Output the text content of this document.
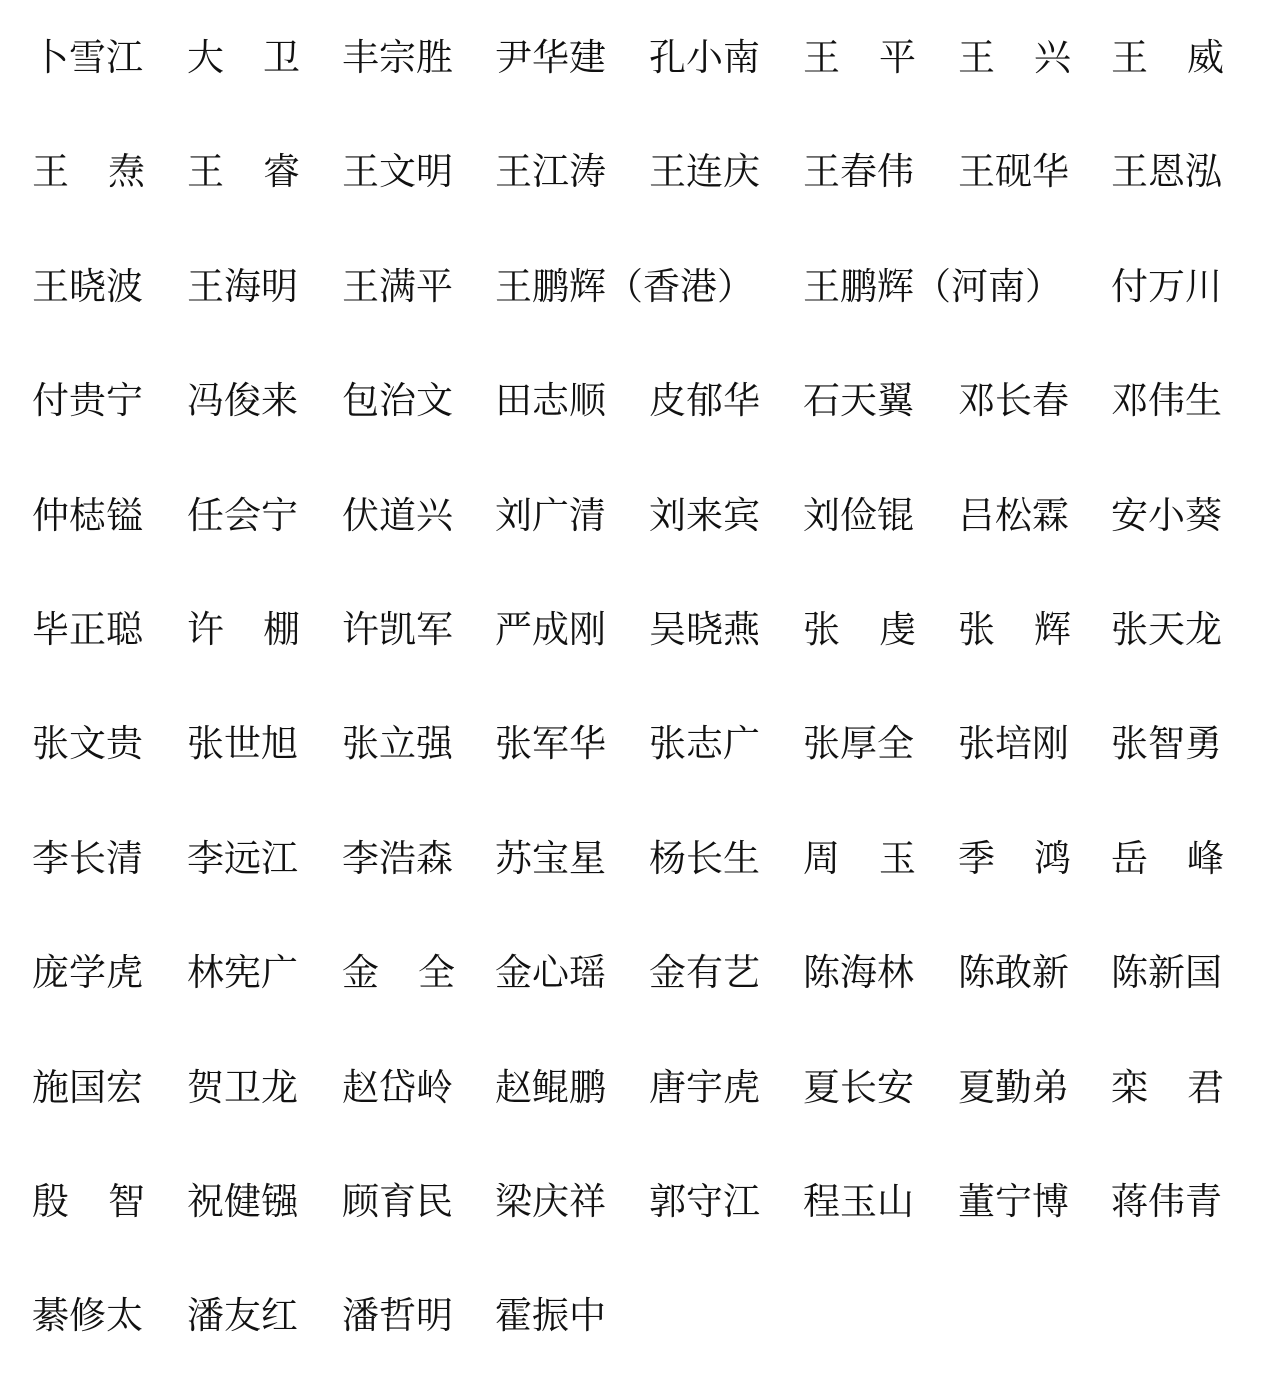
卜雪江 大 卫 丰宗胜 尹华建 孔小南 王 平 王 兴 王 威
王 焘 王 睿 王文明 王江涛 王连庆 王春伟 王砚华 王恩泓
王晓波 王海明 王满平 王鹏辉（香港） 王鹏辉（河南） 付万川
付贵宁 冯俊来 包治文 田志顺 皮郁华 石天翼 邓长春 邓伟生
仲梽镒 任会宁 伏道兴 刘广清 刘来宾 刘俭锟 吕松霖 安小葵
毕正聪 许 棚 许凯军 严成刚 吴晓燕 张 虔 张 辉 张天龙
张文贵 张世旭 张立强 张军华 张志广 张厚全 张培刚 张智勇
李长清 李远江 李浩森 苏宝星 杨长生 周 玉 季 鸿 岳 峰
庞学虎 林宪广 金 全 金心瑶 金有艺 陈海林 陈敢新 陈新国
施国宏 贺卫龙 赵岱岭 赵鲲鹏 唐宇虎 夏长安 夏勤弟 栾 君
殷 智 祝健镪 顾育民 梁庆祥 郭守江 程玉山 董宁博 蒋伟青
綦修太 潘友红 潘哲明 霍振中
